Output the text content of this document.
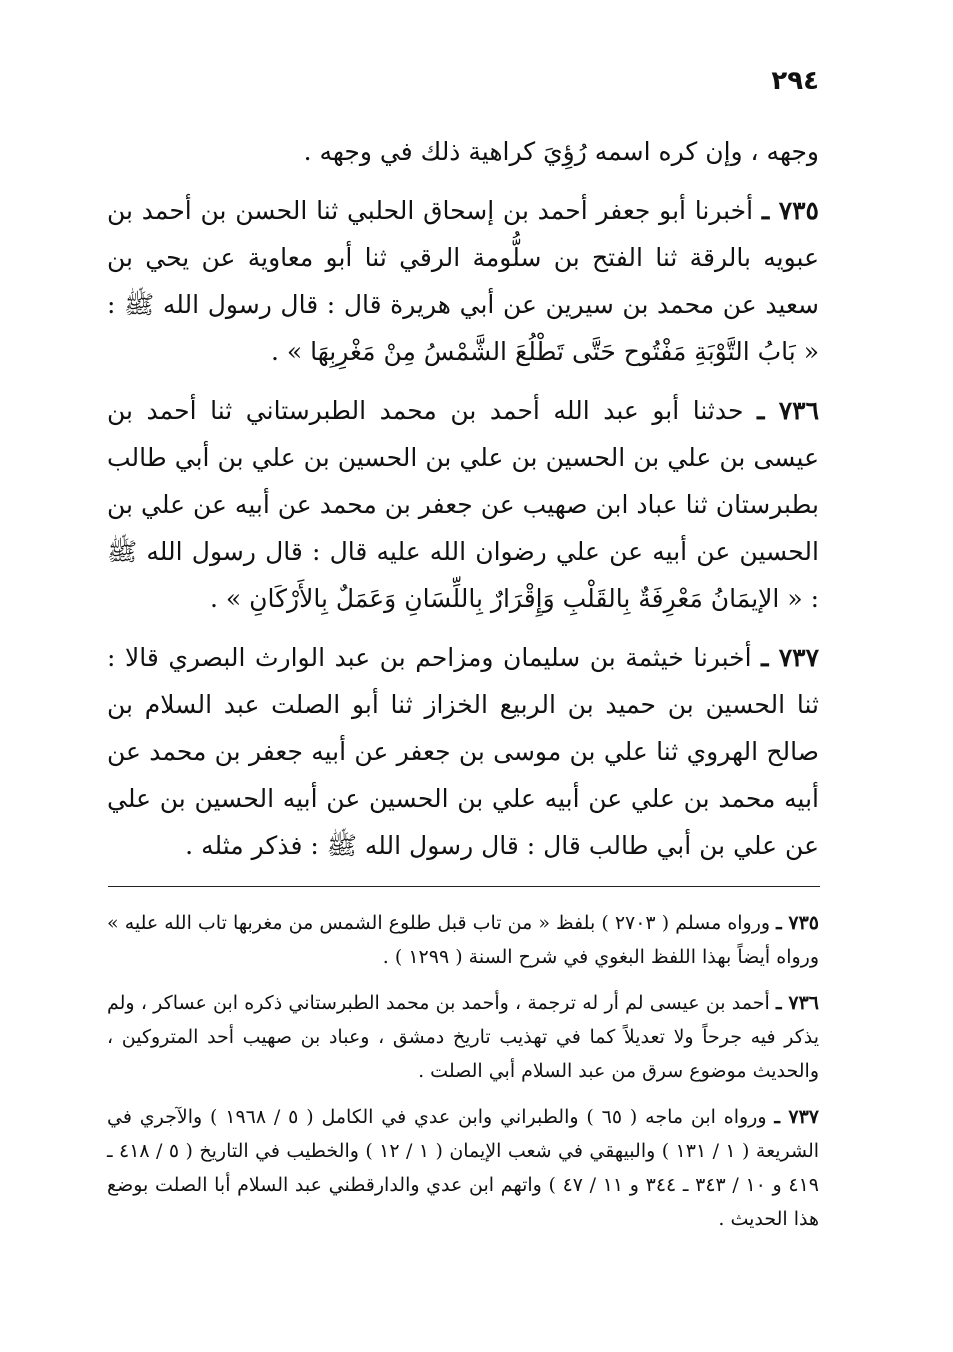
٢٩٤

وجهه ، وإن كره اسمه رُؤِيَ كراهية ذلك في وجهه .

٧٣٥ ـ أخبرنا أبو جعفر أحمد بن إسحاق الحلبي ثنا الحسن بن أحمد بن عبويه بالرقة ثنا الفتح بن سلُّومة الرقي ثنا أبو معاوية عن يحي بن سعيد عن محمد بن سيرين عن أبي هريرة قال : قال رسول الله ﷺ : « بَابُ التَّوْبَةِ مَفْتُوح حَتَّى تَطْلُعَ الشَّمْسُ مِنْ مَغْرِبِهَا » .

٧٣٦ ـ حدثنا أبو عبد الله أحمد بن محمد الطبرستاني ثنا أحمد بن عيسى بن علي بن الحسين بن علي بن الحسين بن علي بن أبي طالب بطبرستان ثنا عباد ابن صهيب عن جعفر بن محمد عن أبيه عن علي بن الحسين عن أبيه عن علي رضوان الله عليه قال : قال رسول الله ﷺ : « الإيمَانُ مَعْرِفَةٌ بِالقَلْبِ وَإِقْرَارٌ بِاللِّسَانِ وَعَمَلٌ بِالأَرْكَانِ » .

٧٣٧ ـ أخبرنا خيثمة بن سليمان ومزاحم بن عبد الوارث البصري قالا : ثنا الحسين بن حميد بن الربيع الخزاز ثنا أبو الصلت عبد السلام بن صالح الهروي ثنا علي بن موسى بن جعفر عن أبيه جعفر بن محمد عن أبيه محمد بن علي عن أبيه علي بن الحسين عن أبيه الحسين بن علي عن علي بن أبي طالب قال : قال رسول الله ﷺ : فذكر مثله .

٧٣٥ ـ ورواه مسلم ( ٢٧٠٣ ) بلفظ « من تاب قبل طلوع الشمس من مغربها تاب الله عليه » ورواه أيضاً بهذا اللفظ البغوي في شرح السنة ( ١٢٩٩ ) .

٧٣٦ ـ أحمد بن عيسى لم أر له ترجمة ، وأحمد بن محمد الطبرستاني ذكره ابن عساكر ، ولم يذكر فيه جرحاً ولا تعديلاً كما في تهذيب تاريخ دمشق ، وعباد بن صهيب أحد المتروكين ، والحديث موضوع سرق من عبد السلام أبي الصلت .

٧٣٧ ـ ورواه ابن ماجه ( ٦٥ ) والطبراني وابن عدي في الكامل ( ٥ / ١٩٦٨ ) والآجري في الشريعة ( ١ / ١٣١ ) والبيهقي في شعب الإيمان ( ١ / ١٢ ) والخطيب في التاريخ ( ٥ / ٤١٨ ـ ٤١٩ و ١٠ / ٣٤٣ ـ ٣٤٤ و ١١ / ٤٧ ) واتهم ابن عدي والدارقطني عبد السلام أبا الصلت بوضع هذا الحديث .
